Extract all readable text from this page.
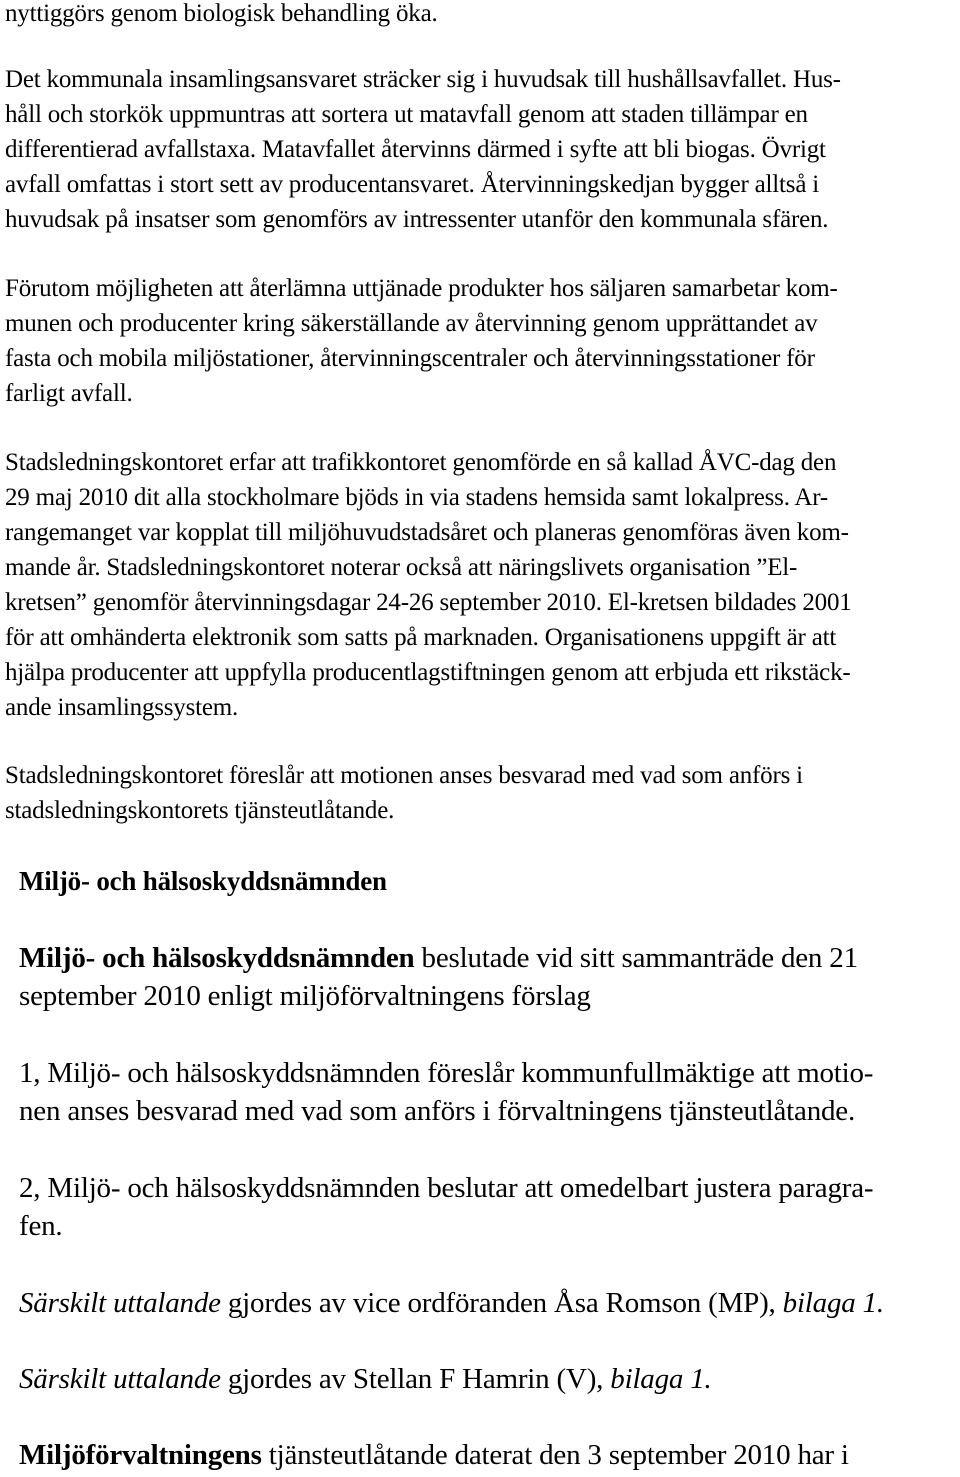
nyttiggörs genom biologisk behandling öka.

Det kommunala insamlingsansvaret sträcker sig i huvudsak till hushållsavfallet. Hus-

håll och storkök uppmuntras att sortera ut matavfall genom att staden tillämpar en

differentierad avfallstaxa. Matavfallet återvinns därmed i syfte att bli biogas. Övrigt

avfall omfattas i stort sett av producentansvaret. Återvinningskedjan bygger alltså i

huvudsak på insatser som genomförs av intressenter utanför den kommunala sfären.

Förutom möjligheten att återlämna uttjänade produkter hos säljaren samarbetar kom-

munen och producenter kring säkerställande av återvinning genom upprättandet av

fasta och mobila miljöstationer, återvinningscentraler och återvinningsstationer för

farligt avfall.

Stadsledningskontoret erfar att trafikkontoret genomförde en så kallad ÅVC-dag den

29 maj 2010 dit alla stockholmare bjöds in via stadens hemsida samt lokalpress. Ar-

rangemanget var kopplat till miljöhuvudstadsåret och planeras genomföras även kom-

mande år. Stadsledningskontoret noterar också att näringslivets organisation ”El-

kretsen” genomför återvinningsdagar 24-26 september 2010. El-kretsen bildades 2001

för att omhänderta elektronik som satts på marknaden. Organisationens uppgift är att

hjälpa producenter att uppfylla producentlagstiftningen genom att erbjuda ett rikstäck-

ande insamlingssystem.

Stadsledningskontoret föreslår att motionen anses besvarad med vad som anförs i

stadsledningskontorets tjänsteutlåtande.

Miljö- och hälsoskyddsnämnden

Miljö- och hälsoskyddsnämnden beslutade vid sitt sammanträde den 21

september 2010 enligt miljöförvaltningens förslag

1, Miljö- och hälsoskyddsnämnden föreslår kommunfullmäktige att motio-

nen anses besvarad med vad som anförs i förvaltningens tjänsteutlåtande.

2, Miljö- och hälsoskyddsnämnden beslutar att omedelbart justera paragra-

fen.

Särskilt uttalande gjordes av vice ordföranden Åsa Romson (MP), bilaga 1.

Särskilt uttalande gjordes av Stellan F Hamrin (V), bilaga 1.

Miljöförvaltningens tjänsteutlåtande daterat den 3 september 2010 har i
